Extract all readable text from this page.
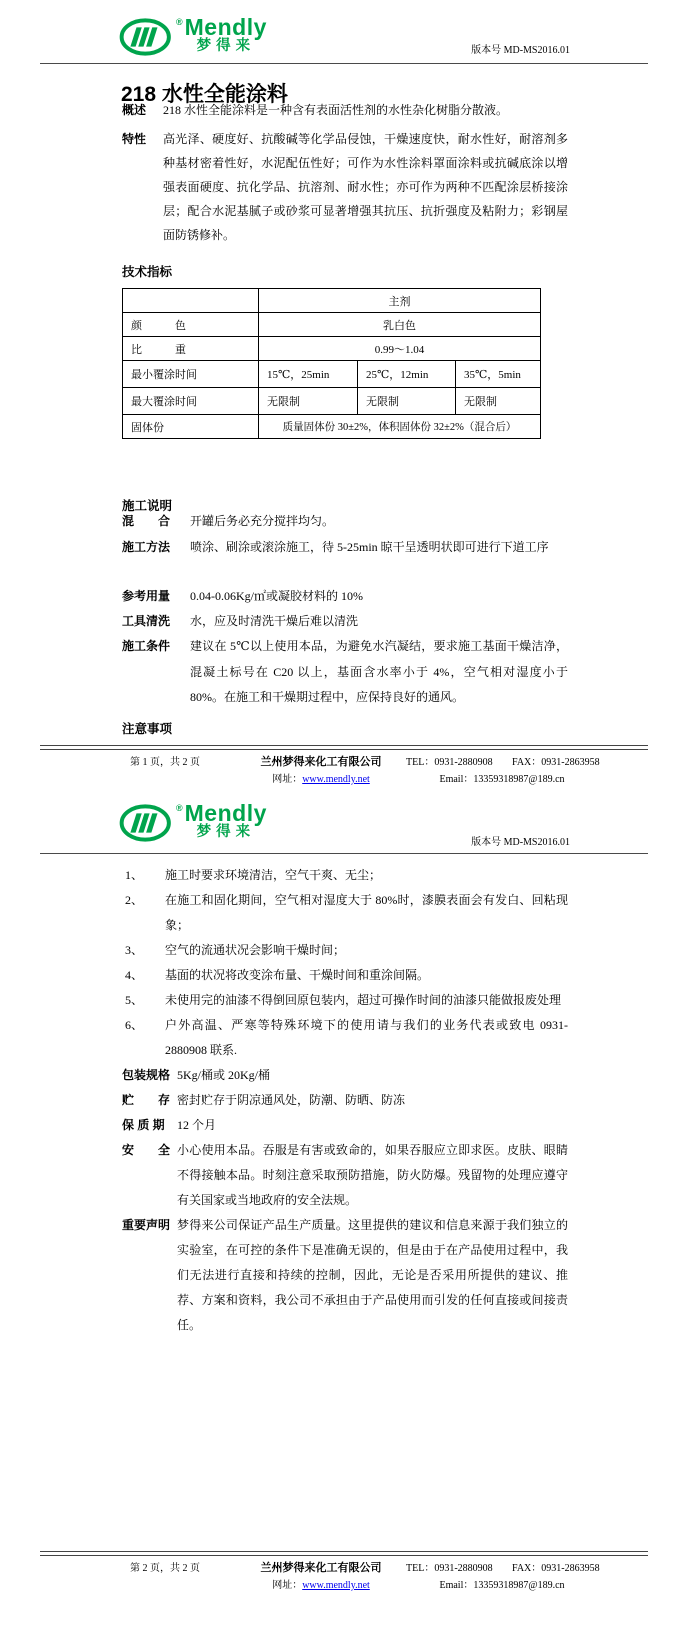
® Mendly
梦得来	版本号 MD-MS2016.01
218 水性全能涂料
概述	218 水性全能涂料是一种含有表面活性剂的水性杂化树脂分散液。
特性	高光泽、硬度好、抗酸碱等化学品侵蚀，干燥速度快，耐水性好，耐溶剂多种基材密着性好，水泥配伍性好；可作为水性涂料罩面涂料或抗碱底涂以增强表面硬度、抗化学品、抗溶剂、耐水性；亦可作为两种不匹配涂层桥接涂层；配合水泥基腻子或砂浆可显著增强其抗压、抗折强度及粘附力；彩钢屋面防锈修补。
技术指标
	主剂		
颜　　　色	乳白色		
比　　　重	0.99～1.04		
最小覆涂时间	15℃，25min	25℃，12min	35℃，5min
最大覆涂时间	无限制	无限制	无限制
固体份	质量固体份 30±2%，体积固体份 32±2%（混合后）		
施工说明
混　　合	开罐后务必充分搅拌均匀。
施工方法	喷涂、刷涂或滚涂施工，待 5-25min 晾干呈透明状即可进行下道工序
参考用量	0.04-0.06Kg/㎡或凝胶材料的 10%
工具清洗	水，应及时清洗干燥后难以清洗
施工条件	建议在 5℃以上使用本品，为避免水汽凝结，要求施工基面干燥洁净，混凝土标号在 C20 以上，基面含水率小于 4%，空气相对湿度小于 80%。在施工和干燥期过程中，应保持良好的通风。
注意事项
第 1 页，共 2 页	兰州梦得来化工有限公司	TEL：0931-2880908	FAX：0931-2863958
网址：www.mendly.net	Email：13359318987@189.cn
® Mendly
梦得来
版本号 MD-MS2016.01
1、	施工时要求环境清洁，空气干爽、无尘；
2、	在施工和固化期间，空气相对湿度大于 80%时，漆膜表面会有发白、回粘现象；
3、	空气的流通状况会影响干燥时间；
4、	基面的状况将改变涂布量、干燥时间和重涂间隔。
5、	未使用完的油漆不得倒回原包装内，超过可操作时间的油漆只能做报废处理
6、	户外高温、严寒等特殊环境下的使用请与我们的业务代表或致电 0931-2880908 联系.
包装规格 5Kg/桶或 20Kg/桶
贮　　存 密封贮存于阴凉通风处，防潮、防晒、防冻
保 质 期	12 个月
安　　全 小心使用本品。吞服是有害或致命的，如果吞服应立即求医。皮肤、眼睛不得接触本品。时刻注意采取预防措施，防火防爆。残留物的处理应遵守有关国家或当地政府的安全法规。
重要声明 梦得来公司保证产品生产质量。这里提供的建议和信息来源于我们独立的实验室，在可控的条件下是准确无误的，但是由于在产品使用过程中，我们无法进行直接和持续的控制，因此，无论是否采用所提供的建议、推荐、方案和资料，我公司不承担由于产品使用而引发的任何直接或间接责任。
第 2 页，共 2 页	兰州梦得来化工有限公司	TEL：0931-2880908	FAX：0931-2863958
网址：www.mendly.net	Email：13359318987@189.cn
